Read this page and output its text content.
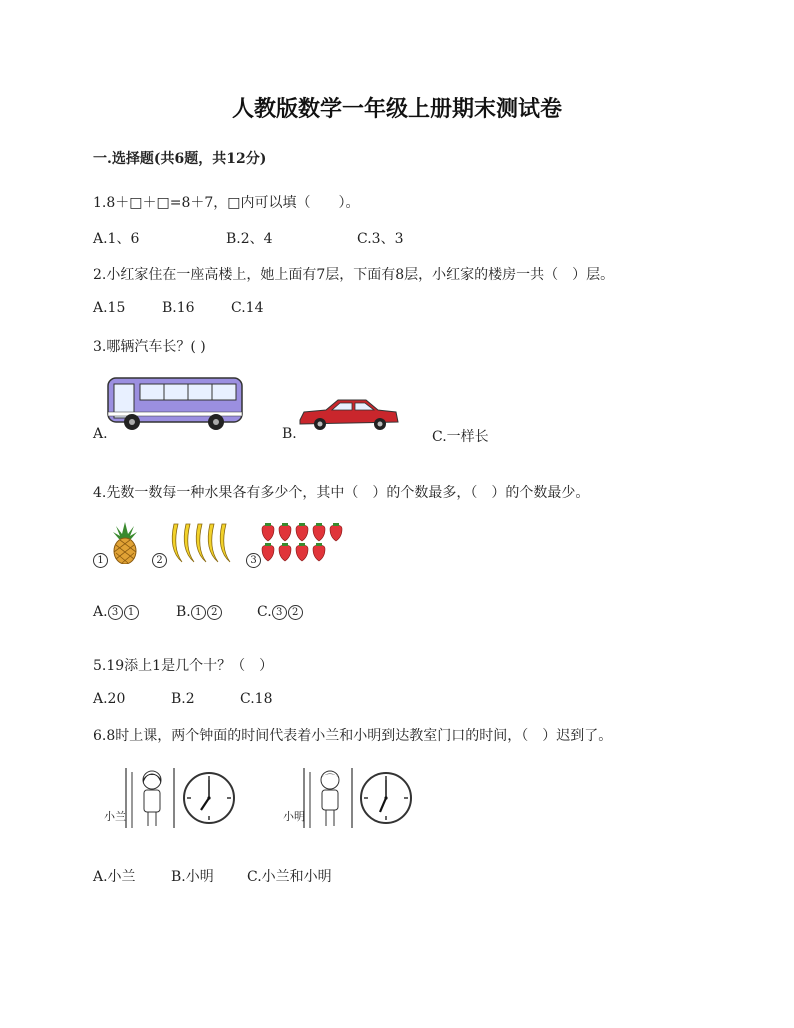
人教版数学一年级上册期末测试卷
一.选择题(共6题，共12分)
1.8＋□＋□=8＋7，□内可以填（　　）。
A.1、6	B.2、4	C.3、3
2.小红家住在一座高楼上，她上面有7层，下面有8层，小红家的楼房一共（　）层。
A.15	B.16	C.14
3.哪辆汽车长？( )
A.	B.	C.一样长
4.先数一数每一种水果各有多少个，其中（　）的个数最多，（　）的个数最少。
1	2	3
A. 3 1	B. 1 2	C. 3 2
5.19添上1是几个十？（　）
A.20	B.2	C.18
6.8时上课，两个钟面的时间代表着小兰和小明到达教室门口的时间，（　）迟到了。
小兰	小明
A.小兰	B.小明 C.小兰和小明
